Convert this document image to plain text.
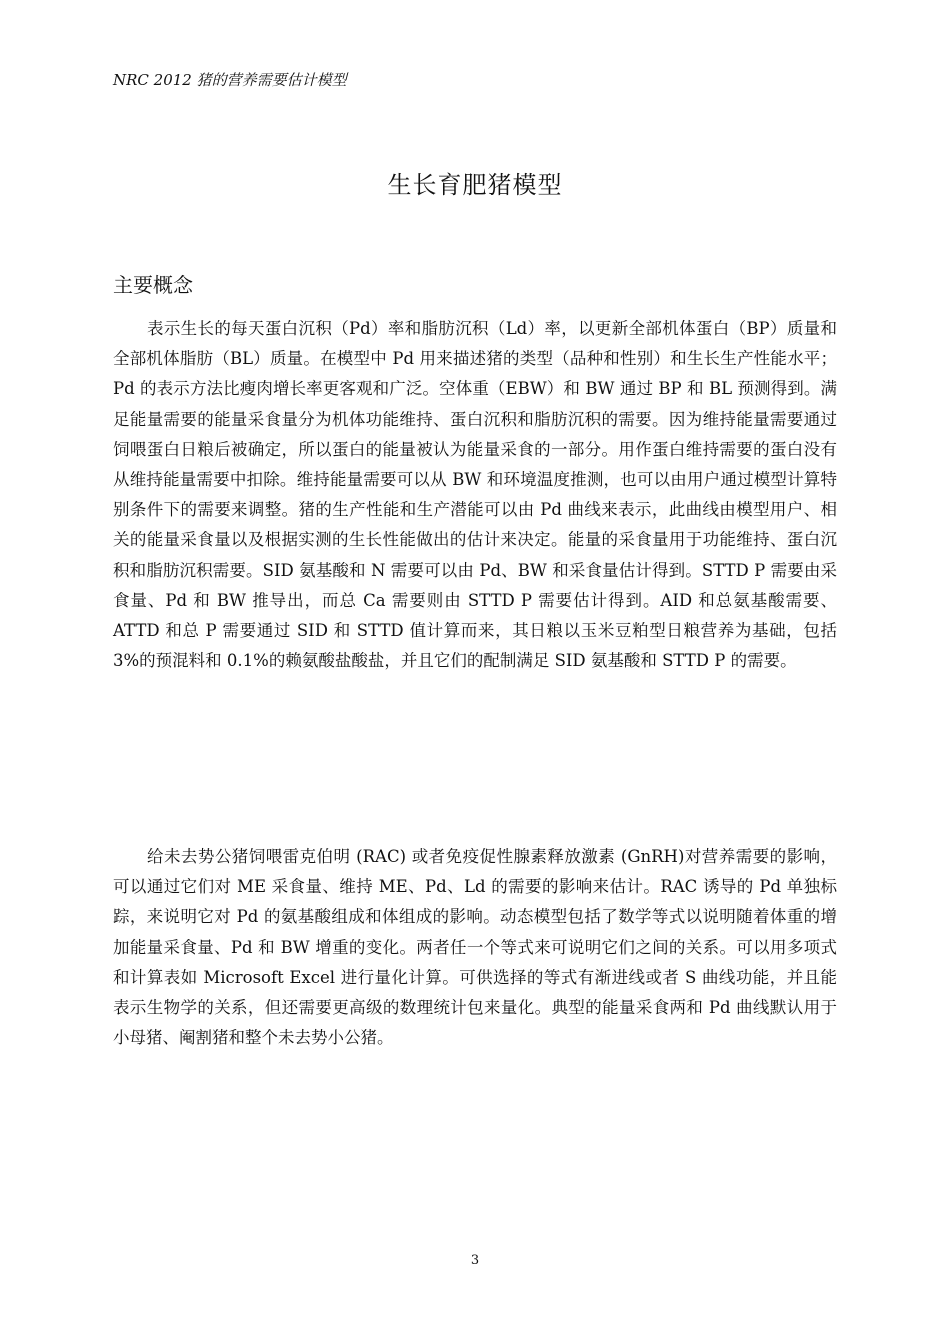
NRC 2012 猪的营养需要估计模型
生长育肥猪模型
主要概念

表示生长的每天蛋白沉积（Pd）率和脂肪沉积（Ld）率，以更新全部机体蛋白（BP）质量和全部机体脂肪（BL）质量。在模型中 Pd 用来描述猪的类型（品种和性别）和生长生产性能水平；Pd 的表示方法比瘦肉增长率更客观和广泛。空体重（EBW）和 BW 通过 BP 和 BL 预测得到。满足能量需要的能量采食量分为机体功能维持、蛋白沉积和脂肪沉积的需要。因为维持能量需要通过饲喂蛋白日粮后被确定，所以蛋白的能量被认为能量采食的一部分。用作蛋白维持需要的蛋白没有从维持能量需要中扣除。维持能量需要可以从 BW 和环境温度推测，也可以由用户通过模型计算特别条件下的需要来调整。猪的生产性能和生产潜能可以由 Pd 曲线来表示，此曲线由模型用户、相关的能量采食量以及根据实测的生长性能做出的估计来决定。能量的采食量用于功能维持、蛋白沉积和脂肪沉积需要。SID 氨基酸和 N 需要可以由 Pd、BW 和采食量估计得到。STTD P 需要由采食量、Pd 和 BW 推导出，而总 Ca 需要则由 STTD P 需要估计得到。AID 和总氨基酸需要、ATTD 和总 P 需要通过 SID 和 STTD 值计算而来，其日粮以玉米豆粕型日粮营养为基础，包括 3%的预混料和 0.1%的赖氨酸盐酸盐，并且它们的配制满足 SID 氨基酸和 STTD P 的需要。

给未去势公猪饲喂雷克伯明 (RAC) 或者免疫促性腺素释放激素 (GnRH)对营养需要的影响，可以通过它们对 ME 采食量、维持 ME、Pd、Ld 的需要的影响来估计。RAC 诱导的 Pd 单独标踪，来说明它对 Pd 的氨基酸组成和体组成的影响。动态模型包括了数学等式以说明随着体重的增加能量采食量、Pd 和 BW 增重的变化。两者任一个等式来可说明它们之间的关系。可以用多项式和计算表如 Microsoft Excel 进行量化计算。可供选择的等式有渐进线或者 S 曲线功能，并且能表示生物学的关系，但还需要更高级的数理统计包来量化。典型的能量采食两和 Pd 曲线默认用于小母猪、阉割猪和整个未去势小公猪。

3
